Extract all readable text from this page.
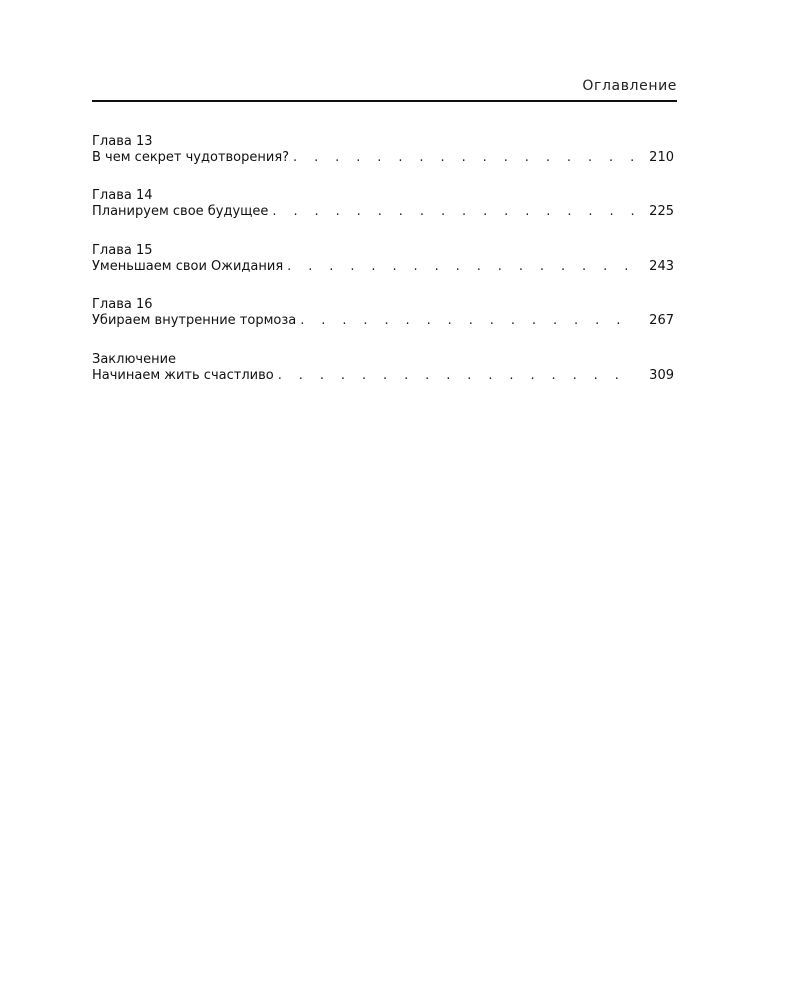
Оглавление
Глава 13
В чем секрет чудотворения? . . .	210
Глава 14
Планируем свое будущее . . .	225
Глава 15
Уменьшаем свои Ожидания . . .	243
Глава 16
Убираем внутренние тормоза . . .	267
Заключение
Начинаем жить счастливо . . .	309
